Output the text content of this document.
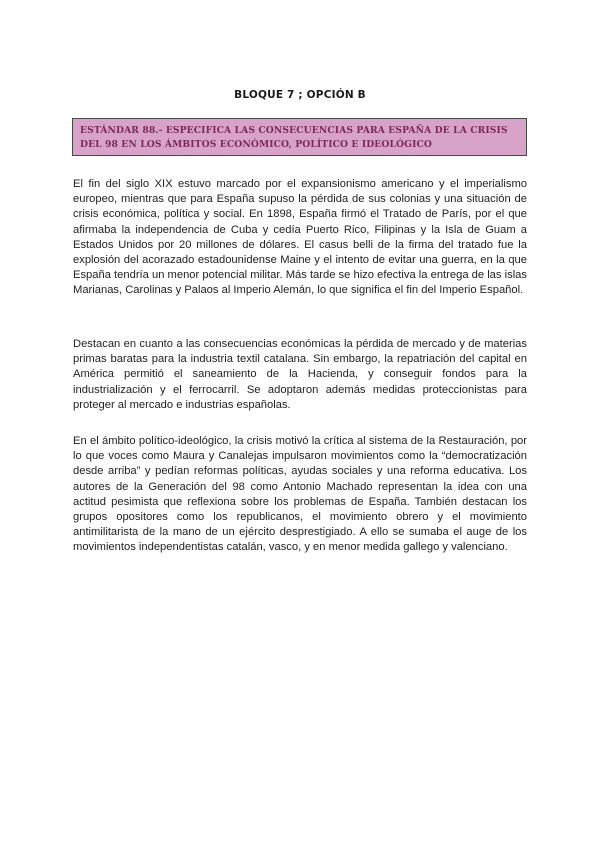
BLOQUE 7 ; OPCIÓN B
ESTÁNDAR 88.- ESPECIFICA LAS CONSECUENCIAS PARA ESPAÑA DE LA CRISIS DEL 98 EN LOS ÁMBITOS ECONÓMICO, POLÍTICO E IDEOLÓGICO

El fin del siglo XIX estuvo marcado por el expansionismo americano y el imperialismo europeo, mientras que para España supuso la pérdida de sus colonias y una situación de crisis económica, política y social. En 1898, España firmó el Tratado de París, por el que afirmaba la independencia de Cuba y cedía Puerto Rico, Filipinas y la Isla de Guam a Estados Unidos por 20 millones de dólares. El casus belli de la firma del tratado fue la explosión del acorazado estadounidense Maine y el intento de evitar una guerra, en la que España tendría un menor potencial militar. Más tarde se hizo efectiva la entrega de las islas Marianas, Carolinas y Palaos al Imperio Alemán, lo que significa el fin del Imperio Español.

Destacan en cuanto a las consecuencias económicas la pérdida de mercado y de materias primas baratas para la industria textil catalana. Sin embargo, la repatriación del capital en América permitió el saneamiento de la Hacienda, y conseguir fondos para la industrialización y el ferrocarril. Se adoptaron además medidas proteccionistas para proteger al mercado e industrias españolas.

En el ámbito político-ideológico, la crisis motivó la crítica al sistema de la Restauración, por lo que voces como Maura y Canalejas impulsaron movimientos como la “democratización desde arriba” y pedían reformas políticas, ayudas sociales y una reforma educativa. Los autores de la Generación del 98 como Antonio Machado representan la idea con una actitud pesimista que reflexiona sobre los problemas de España. También destacan los grupos opositores como los republicanos, el movimiento obrero y el movimiento antimilitarista de la mano de un ejército desprestigiado. A ello se sumaba el auge de los movimientos independentistas catalán, vasco, y en menor medida gallego y valenciano.
